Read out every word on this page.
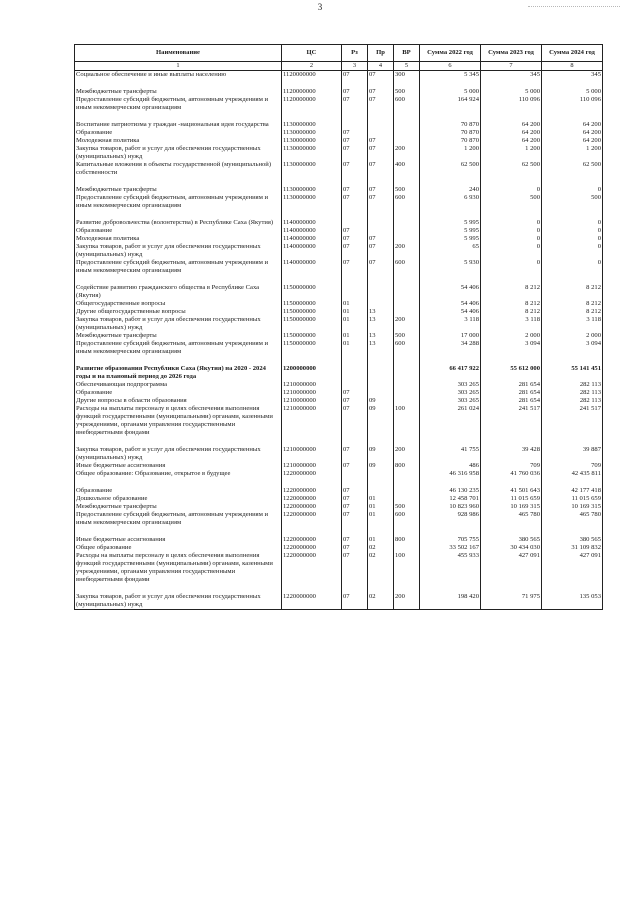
3
Наименование	ЦС	Рз	Пр	ВР	Сумма 2022 год	Сумма 2023 год	Сумма 2024 год
1	2	3	4	5	6	7	8
Социальное обеспечение и иные выплаты населению	1120000000	07	07	300	5 345	345	345

Межбюджетные трансферты	1120000000	07	07	500	5 000	5 000	5 000
Предоставление субсидий бюджетным, автономным учреждениям и иным некоммерческим организациям	1120000000	07	07	600	164 924	110 096	110 096

Воспитание патриотизма у граждан -национальная идея государства	1130000000				70 870	64 200	64 200
Образование	1130000000	07			70 870	64 200	64 200
Молодежная политика	1130000000	07	07		70 870	64 200	64 200
Закупка товаров, работ и услуг для обеспечения государственных (муниципальных) нужд	1130000000	07	07	200	1 200	1 200	1 200
Капитальные вложения в объекты государственной (муниципальной) собственности	1130000000	07	07	400	62 500	62 500	62 500

Межбюджетные трансферты	1130000000	07	07	500	240	0	0
Предоставление субсидий бюджетным, автономным учреждениям и иным некоммерческим организациям	1130000000	07	07	600	6 930	500	500

Развитие добровольчества (волонтерства) в Республике Саха (Якутия)	1140000000				5 995	0	0
Образование	1140000000	07			5 995	0	0
Молодежная политика	1140000000	07	07		5 995	0	0
Закупка товаров, работ и услуг для обеспечения государственных (муниципальных) нужд	1140000000	07	07	200	65	0	0
Предоставление субсидий бюджетным, автономным учреждениям и иным некоммерческим организациям	1140000000	07	07	600	5 930	0	0

Содействие развитию гражданского общества в Республике Саха (Якутия)	1150000000				54 406	8 212	8 212
Общегосударственные вопросы	1150000000	01			54 406	8 212	8 212
Другие общегосударственные вопросы	1150000000	01	13		54 406	8 212	8 212
Закупка товаров, работ и услуг для обеспечения государственных (муниципальных) нужд	1150000000	01	13	200	3 118	3 118	3 118
Межбюджетные трансферты	1150000000	01	13	500	17 000	2 000	2 000
Предоставление субсидий бюджетным, автономным учреждениям и иным некоммерческим организациям	1150000000	01	13	600	34 288	3 094	3 094

Развитие образования Республики Саха (Якутия) на 2020 - 2024 годы и на плановый период до 2026 года	1200000000				66 417 922	55 612 000	55 141 451
Обеспечивающая подпрограмма	1210000000				303 265	281 654	282 113
Образование	1210000000	07			303 265	281 654	282 113
Другие вопросы в области образования	1210000000	07	09		303 265	281 654	282 113
Расходы на выплаты персоналу в целях обеспечения выполнения функций государственными (муниципальными) органами, казенными учреждениями, органами управления государственными внебюджетными фондами	1210000000	07	09	100	261 024	241 517	241 517

Закупка товаров, работ и услуг для обеспечения государственных (муниципальных) нужд	1210000000	07	09	200	41 755	39 428	39 887
Иные бюджетные ассигнования	1210000000	07	09	800	486	709	709
Общее образование: Образование, открытое в будущее	1220000000				46 316 958	41 760 036	42 435 811

Образование	1220000000	07			46 130 235	41 501 643	42 177 418
Дошкольное образование	1220000000	07	01		12 458 701	11 015 659	11 015 659
Межбюджетные трансферты	1220000000	07	01	500	10 823 960	10 169 315	10 169 315
Предоставление субсидий бюджетным, автономным учреждениям и иным некоммерческим организациям	1220000000	07	01	600	928 986	465 780	465 780

Иные бюджетные ассигнования	1220000000	07	01	800	705 755	380 565	380 565
Общее образование	1220000000	07	02		33 502 167	30 434 030	31 109 832
Расходы на выплаты персоналу в целях обеспечения выполнения функций государственными (муниципальными) органами, казенными учреждениями, органами управления государственными внебюджетными фондами	1220000000	07	02	100	455 933	427 091	427 091

Закупка товаров, работ и услуг для обеспечения государственных (муниципальных) нужд	1220000000	07	02	200	198 420	71 975	135 053
